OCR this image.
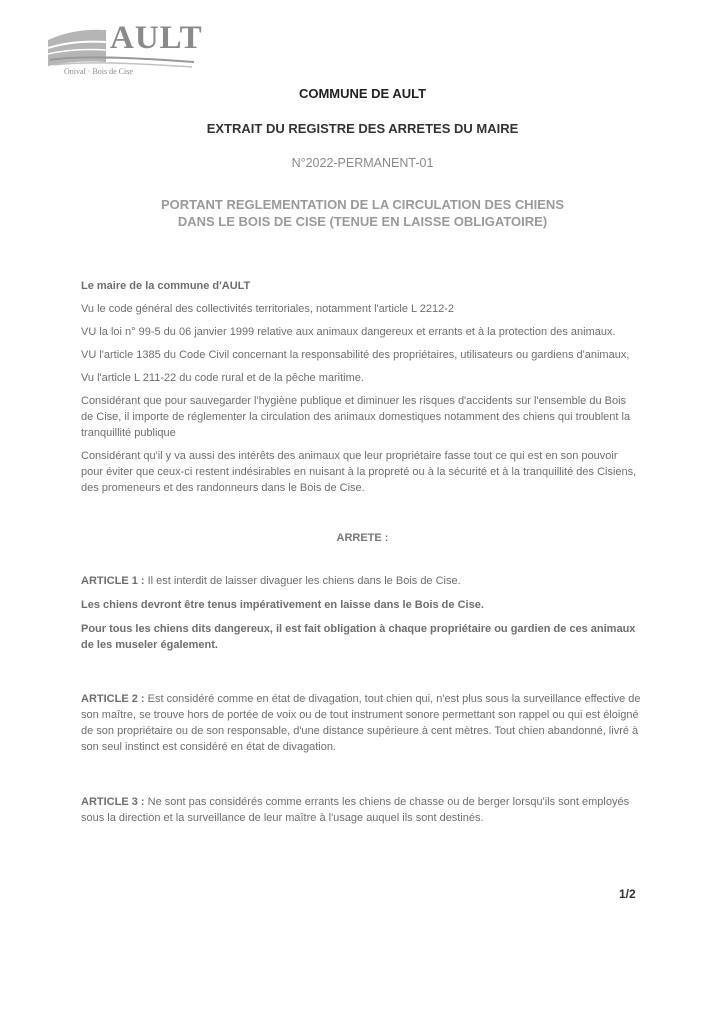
AULT
Onival · Bois de Cise
COMMUNE DE AULT
EXTRAIT DU REGISTRE DES ARRETES DU MAIRE
N°2022-PERMANENT-01
PORTANT REGLEMENTATION DE LA CIRCULATION DES CHIENS
DANS LE BOIS DE CISE (TENUE EN LAISSE OBLIGATOIRE)

Le maire de la commune d'AULT

Vu le code général des collectivités territoriales, notamment l'article L 2212-2

VU la loi n° 99-5 du 06 janvier 1999 relative aux animaux dangereux et errants et à la protection des animaux.

VU l'article 1385 du Code Civil concernant la responsabilité des propriétaires, utilisateurs ou gardiens d'animaux,

Vu l'article L 211-22 du code rural et de la pêche maritime.

Considérant que pour sauvegarder l'hygiène publique et diminuer les risques d'accidents sur l'ensemble du Bois de Cise, il importe de réglementer la circulation des animaux domestiques notamment des chiens qui troublent la tranquillité publique

Considérant qu'il y va aussi des intérêts des animaux que leur propriétaire fasse tout ce qui est en son pouvoir pour éviter que ceux-ci restent indésirables en nuisant à la propreté ou à la sécurité et à la tranquillité des Cisiens, des promeneurs et des randonneurs dans le Bois de Cise.

ARRETE :

ARTICLE 1 : Il est interdit de laisser divaguer les chiens dans le Bois de Cise.

Les chiens devront être tenus impérativement en laisse dans le Bois de Cise.

Pour tous les chiens dits dangereux, il est fait obligation à chaque propriétaire ou gardien de ces animaux de les museler également.

ARTICLE 2 : Est considéré comme en état de divagation, tout chien qui, n'est plus sous la surveillance effective de son maître, se trouve hors de portée de voix ou de tout instrument sonore permettant son rappel ou qui est éloigné de son propriétaire ou de son responsable, d'une distance supérieure à cent mètres. Tout chien abandonné, livré à son seul instinct est considéré en état de divagation.

ARTICLE 3 : Ne sont pas considérés comme errants les chiens de chasse ou de berger lorsqu'ils sont employés sous la direction et la surveillance de leur maître à l'usage auquel ils sont destinés.

1/2
